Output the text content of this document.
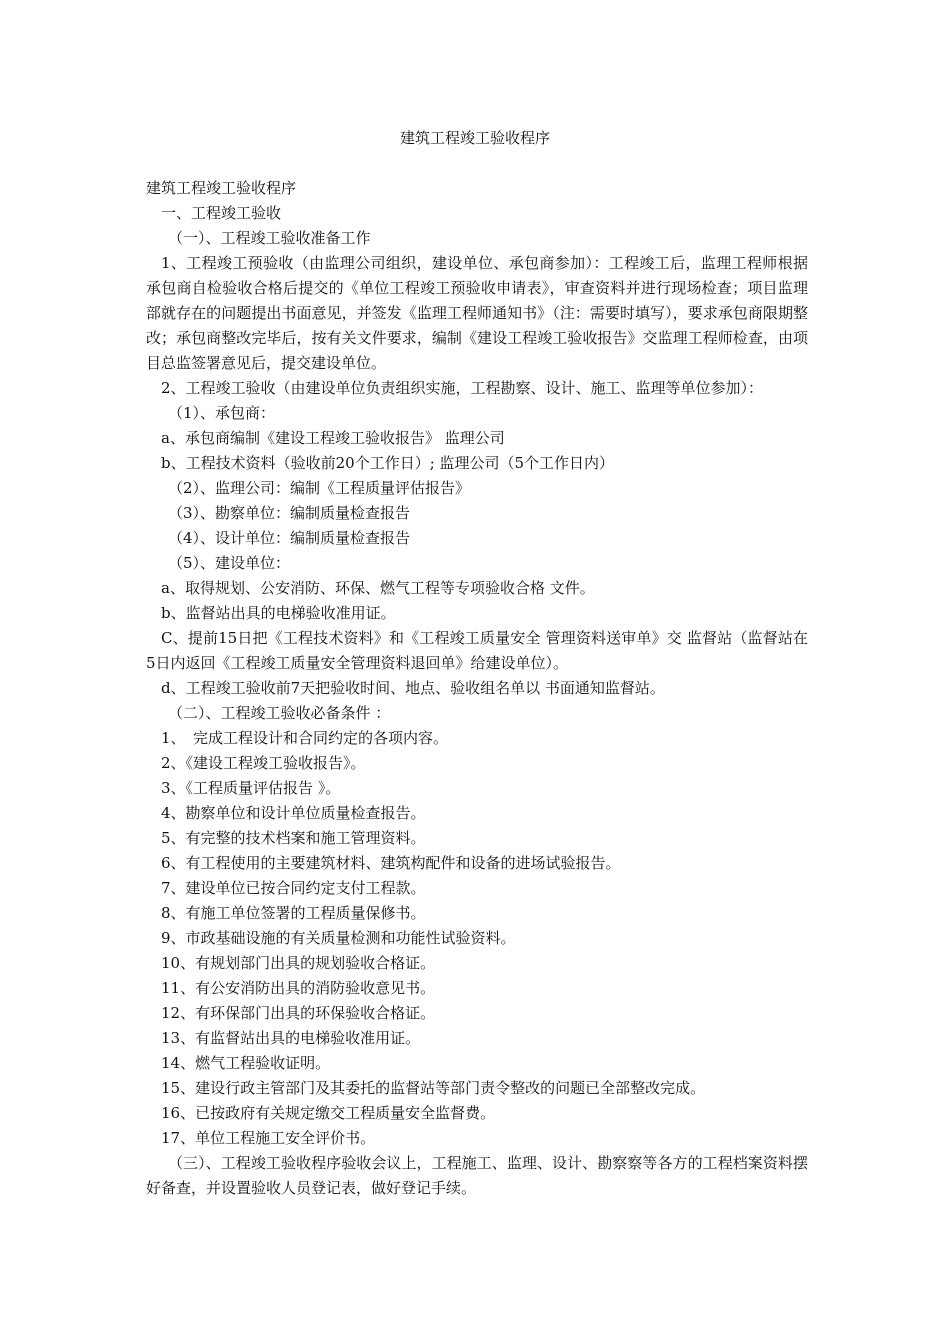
建筑工程竣工验收程序

建筑工程竣工验收程序

一、工程竣工验收

（一）、工程竣工验收准备工作

1、工程竣工预验收（由监理公司组织，建设单位、承包商参加）：工程竣工后，监理工程师根据承包商自检验收合格后提交的《单位工程竣工预验收申请表》，审查资料并进行现场检查；项目监理部就存在的问题提出书面意见，并签发《监理工程师通知书》（注：需要时填写），要求承包商限期整改；承包商整改完毕后，按有关文件要求，编制《建设工程竣工验收报告》交监理工程师检查，由项目总监签署意见后，提交建设单位。

2、工程竣工验收（由建设单位负责组织实施，工程勘察、设计、施工、监理等单位参加）：

（1）、承包商：

a、承包商编制《建设工程竣工验收报告》 监理公司

b、工程技术资料（验收前20个工作日）; 监理公司（5个工作日内）

（2）、监理公司：编制《工程质量评估报告》

（3）、勘察单位：编制质量检查报告

（4）、设计单位：编制质量检查报告

（5）、建设单位：

a、取得规划、公安消防、环保、燃气工程等专项验收合格 文件。

b、监督站出具的电梯验收准用证。

C、提前15日把《工程技术资料》和《工程竣工质量安全 管理资料送审单》交 监督站（监督站在5日内返回《工程竣工质量安全管理资料退回单》给建设单位）。

d、工程竣工验收前7天把验收时间、地点、验收组名单以 书面通知监督站。

（二）、工程竣工验收必备条件 ：

1、　完成工程设计和合同约定的各项内容。

2、《建设工程竣工验收报告》。

3、《工程质量评估报告 》。

4、勘察单位和设计单位质量检查报告。

5、有完整的技术档案和施工管理资料。

6、有工程使用的主要建筑材料、建筑构配件和设备的进场试验报告。

7、建设单位已按合同约定支付工程款。

8、有施工单位签署的工程质量保修书。

9、市政基础设施的有关质量检测和功能性试验资料。

10、有规划部门出具的规划验收合格证。

11、有公安消防出具的消防验收意见书。

12、有环保部门出具的环保验收合格证。

13、有监督站出具的电梯验收准用证。

14、燃气工程验收证明。

15、建设行政主管部门及其委托的监督站等部门责令整改的问题已全部整改完成。

16、已按政府有关规定缴交工程质量安全监督费。

17、单位工程施工安全评价书。

（三）、工程竣工验收程序验收会议上，工程施工、监理、设计、勘察察等各方的工程档案资料摆好备查，并设置验收人员登记表，做好登记手续。
